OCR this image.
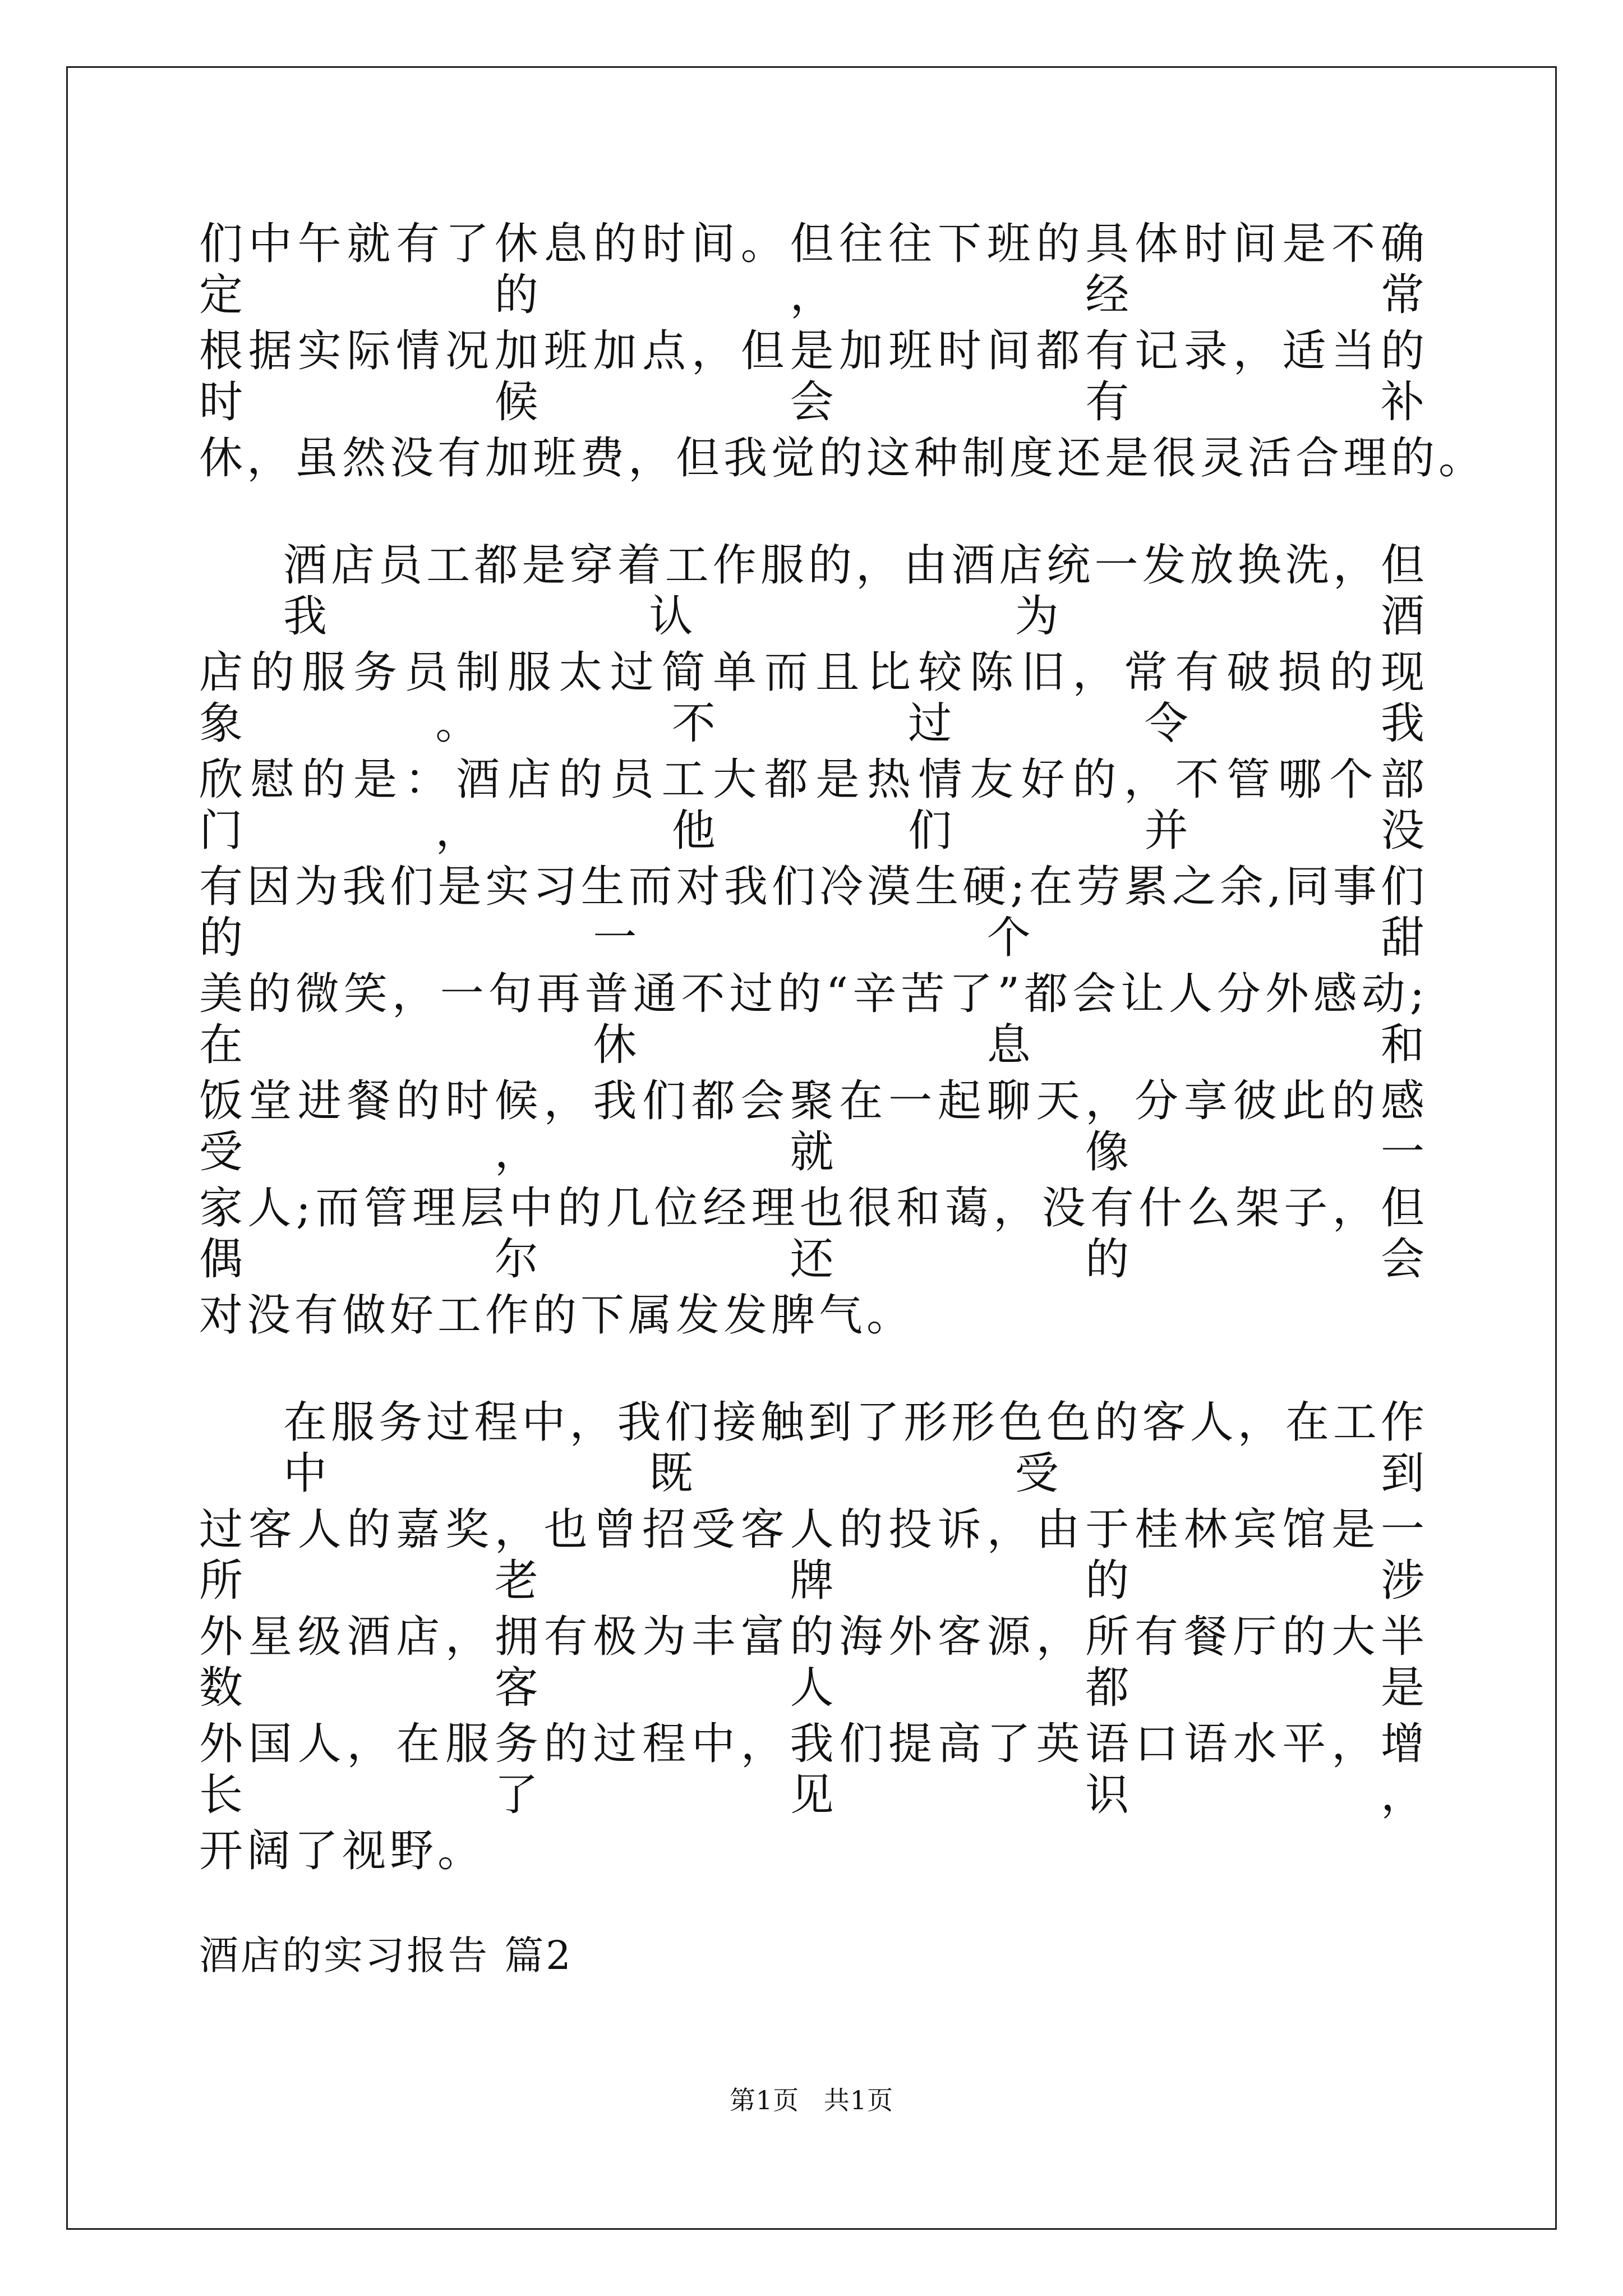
们中午就有了休息的时间。但往往下班的具体时间是不确定的，经常
根据实际情况加班加点，但是加班时间都有记录，适当的时候会有补
休，虽然没有加班费，但我觉的这种制度还是很灵活合理的。
酒店员工都是穿着工作服的，由酒店统一发放换洗，但我认为酒
店的服务员制服太过简单而且比较陈旧，常有破损的现象。不过令我
欣慰的是：酒店的员工大都是热情友好的，不管哪个部门，他们并没
有因为我们是实习生而对我们冷漠生硬;在劳累之余,同事们的一个甜
美的微笑，一句再普通不过的“辛苦了”都会让人分外感动;在休息和
饭堂进餐的时候，我们都会聚在一起聊天，分享彼此的感受，就像一
家人;而管理层中的几位经理也很和蔼，没有什么架子，但偶尔还的会
对没有做好工作的下属发发脾气。
在服务过程中，我们接触到了形形色色的客人，在工作中既受到
过客人的嘉奖，也曾招受客人的投诉，由于桂林宾馆是一所老牌的涉
外星级酒店，拥有极为丰富的海外客源，所有餐厅的大半数客人都是
外国人，在服务的过程中，我们提高了英语口语水平，增长了见识，
开阔了视野。
酒店的实习报告 篇2
第1页 共1页
